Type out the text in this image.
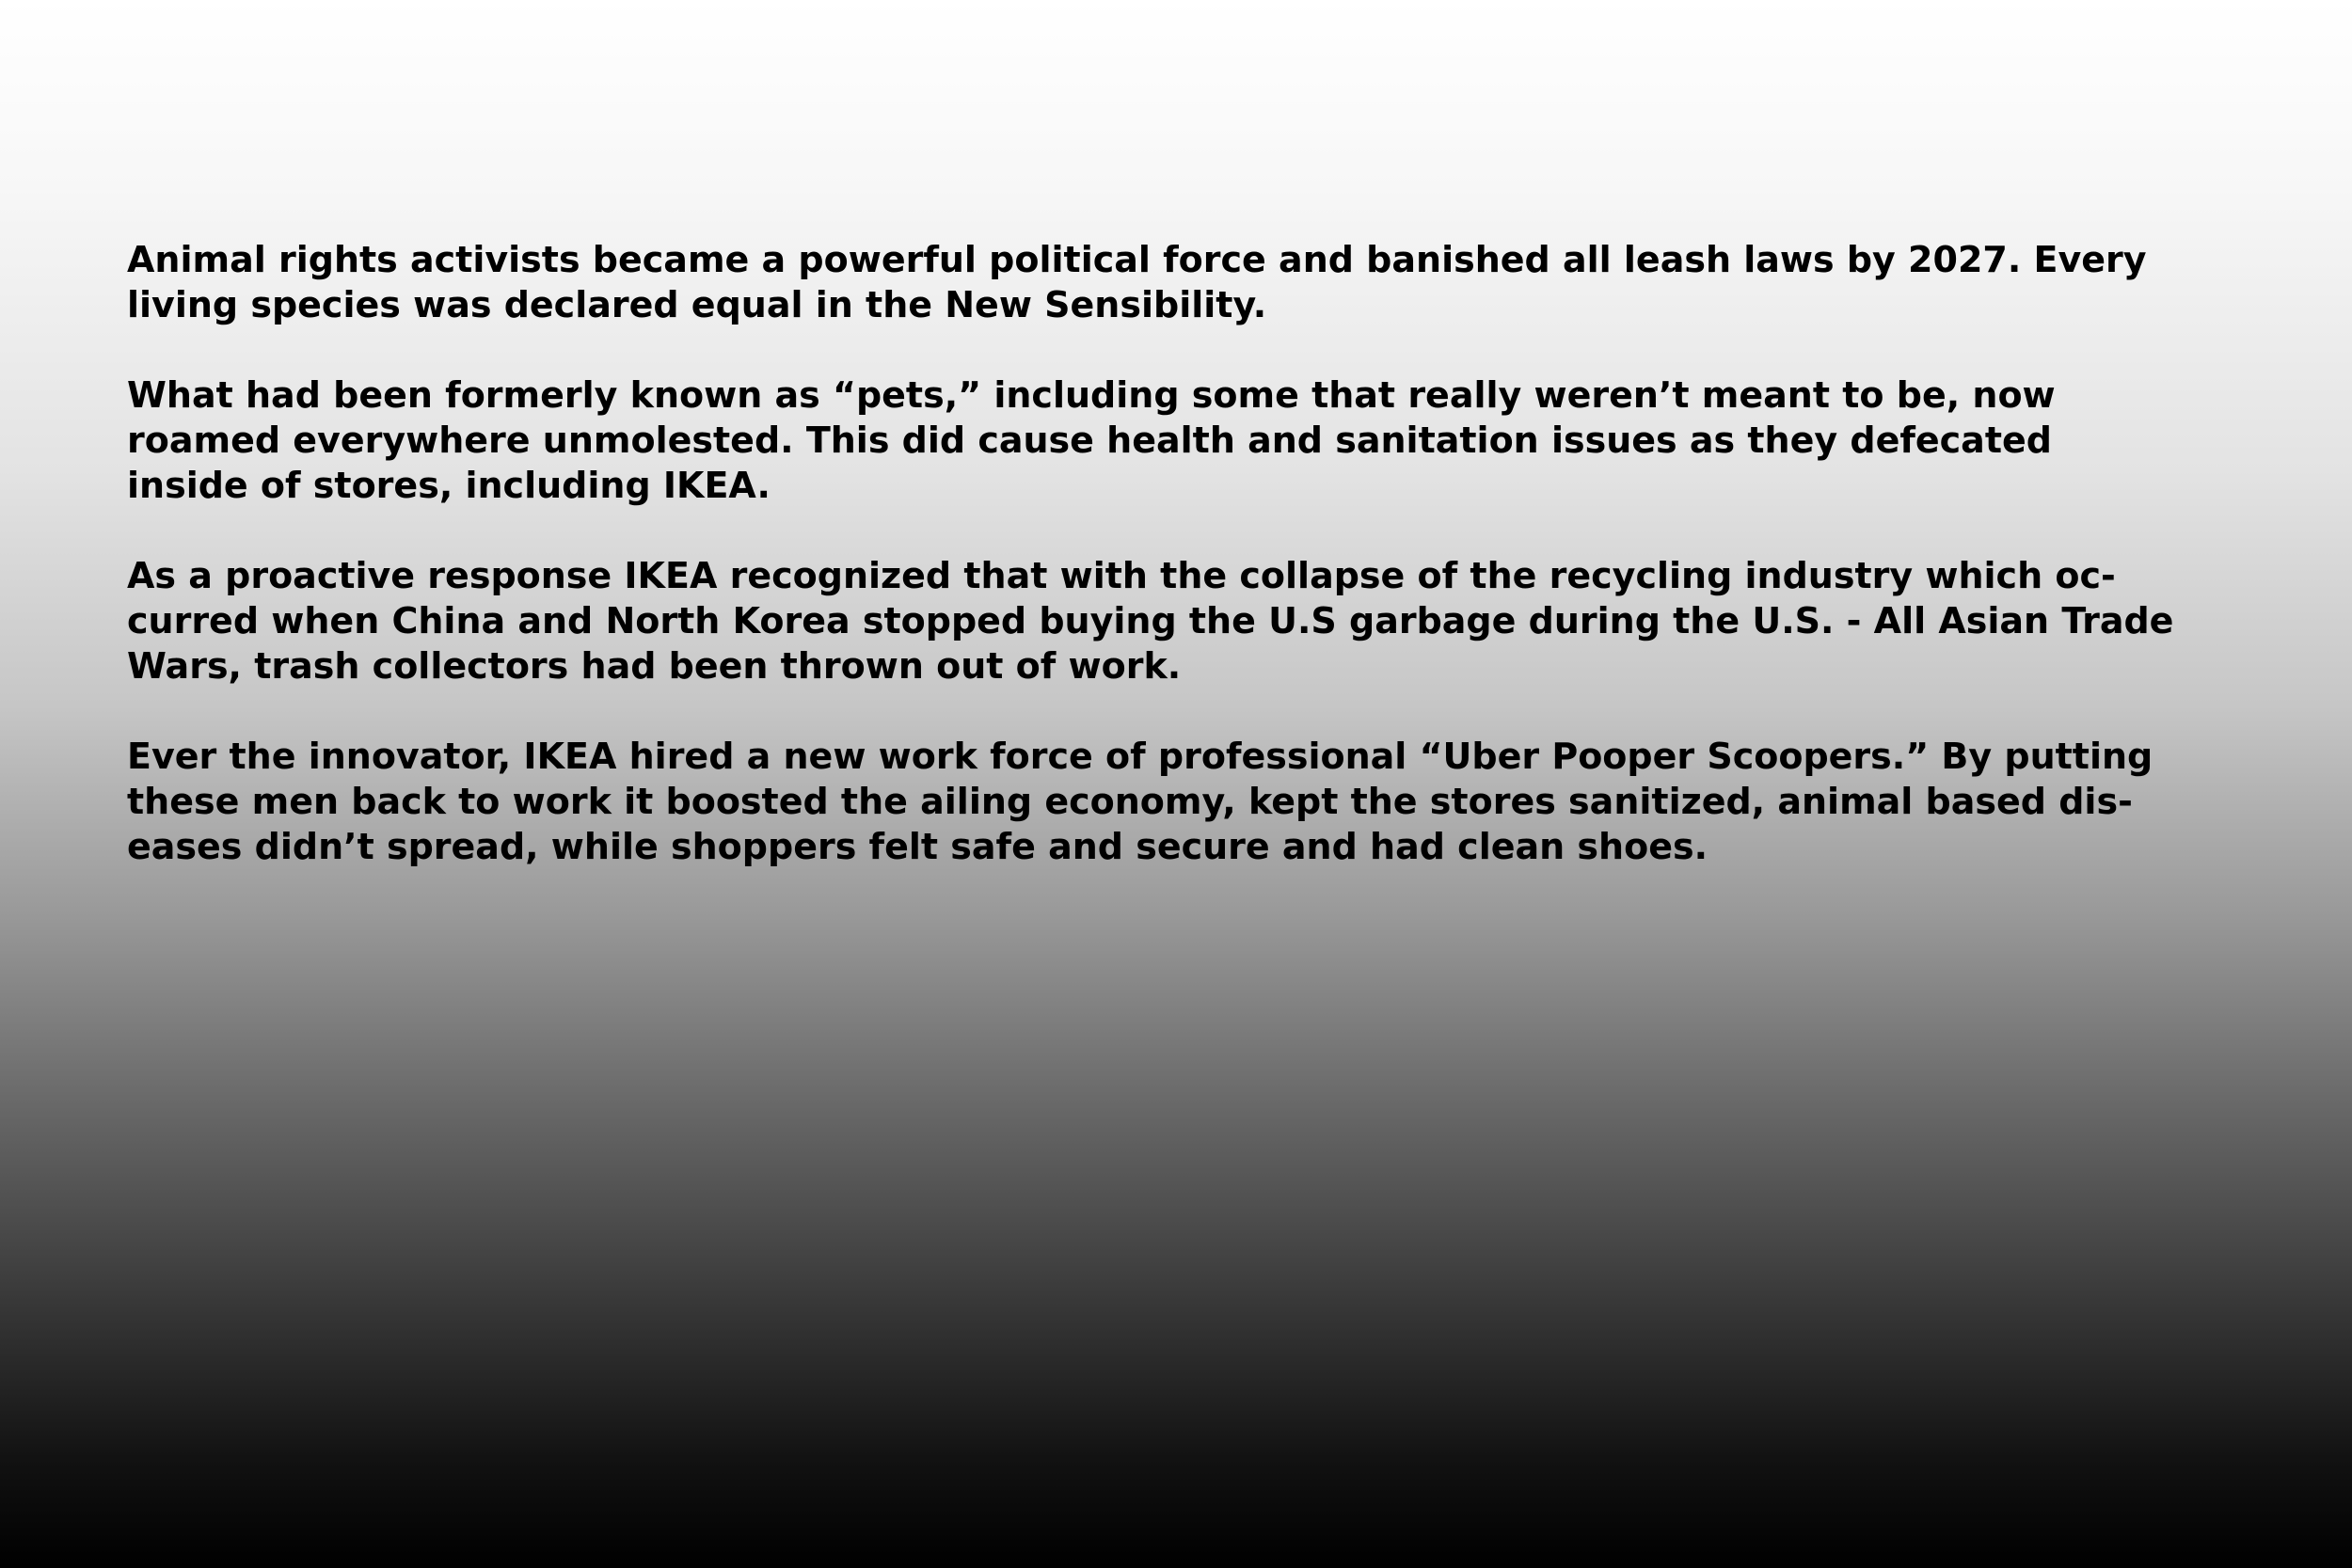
Animal rights activists became a powerful political force and banished all leash laws by 2027. Every
living species was declared equal in the New Sensibility.

What had been formerly known as “pets,” including some that really weren’t meant to be, now
roamed everywhere unmolested. This did cause health and sanitation issues as they defecated
inside of stores, including IKEA.

As a proactive response IKEA recognized that with the collapse of the recycling industry which oc-
curred when China and North Korea stopped buying the U.S garbage during the U.S. - All Asian Trade
Wars, trash collectors had been thrown out of work.

Ever the innovator, IKEA hired a new work force of professional “Uber Pooper Scoopers.” By putting
these men back to work it boosted the ailing economy, kept the stores sanitized, animal based dis-
eases didn’t spread, while shoppers felt safe and secure and had clean shoes.
